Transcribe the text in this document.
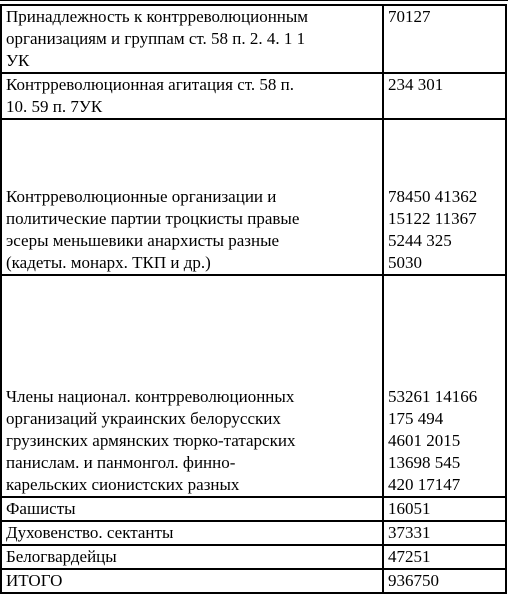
Принадлежность к контрреволюционным
организациям и группам ст. 58 п. 2. 4. 1 1
УК	70127
Контрреволюционная агитация ст. 58 п.
10. 59 п. 7УК	234 301
Контрреволюционные организации и
политические партии троцкисты правые
эсеры меньшевики анархисты разные
(кадеты. монарх. ТКП и др.)	78450 41362
15122 11367
5244 325
5030
Члены национал. контрреволюционных
организаций украинских белорусских
грузинских армянских тюрко-татарских
панислам. и панмонгол. финно-
карельских сионистских разных	53261 14166
175 494
4601 2015
13698 545
420 17147
Фашисты	16051
Духовенство. сектанты	37331
Белогвардейцы	47251
ИТОГО	936750
